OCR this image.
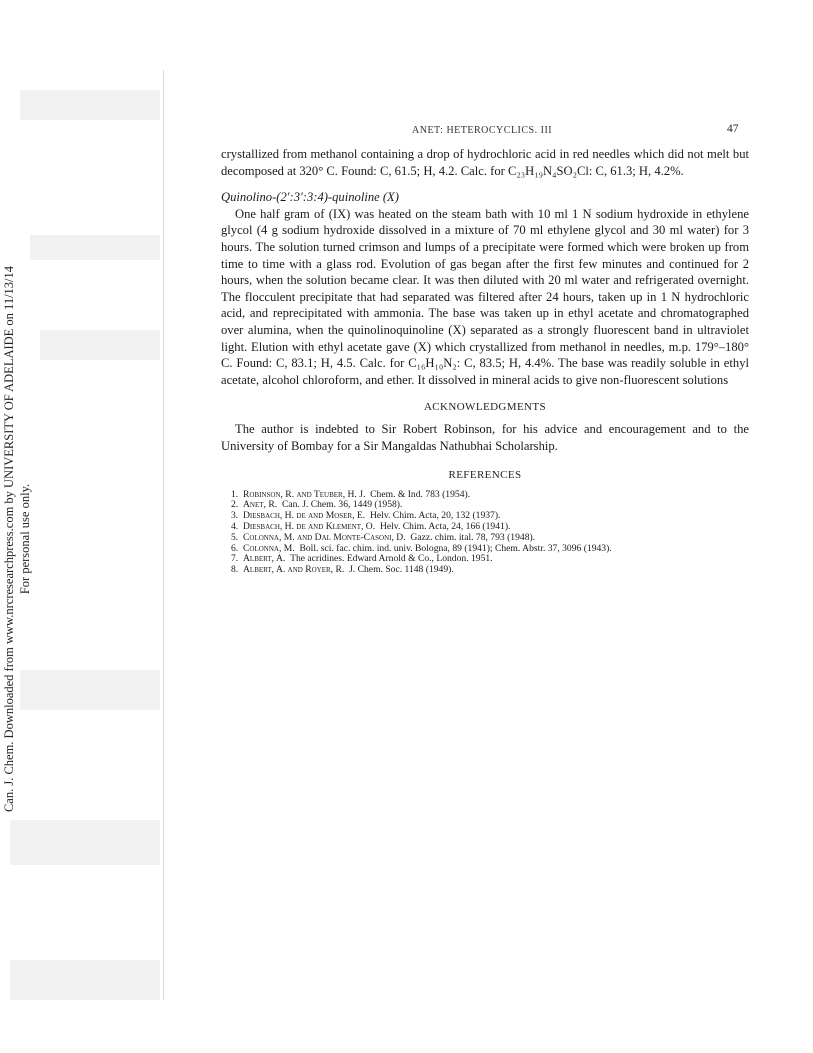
Can. J. Chem. Downloaded from www.nrcresearchpress.com by UNIVERSITY OF ADELAIDE on 11/13/14 For personal use only.
ANET: HETEROCYCLICS. III	47

crystallized from methanol containing a drop of hydrochloric acid in red needles which did not melt but decomposed at 320° C. Found: C, 61.5; H, 4.2. Calc. for C₂₃H₁₉N₄SO₂Cl: C, 61.3; H, 4.2%.

Quinolino-(2′:3′:3:4)-quinoline (X)

One half gram of (IX) was heated on the steam bath with 10 ml 1 N sodium hydroxide in ethylene glycol (4 g sodium hydroxide dissolved in a mixture of 70 ml ethylene glycol and 30 ml water) for 3 hours. The solution turned crimson and lumps of a precipitate were formed which were broken up from time to time with a glass rod. Evolution of gas began after the first few minutes and continued for 2 hours, when the solution became clear. It was then diluted with 20 ml water and refrigerated overnight. The flocculent precipitate that had separated was filtered after 24 hours, taken up in 1 N hydrochloric acid, and reprecipitated with ammonia. The base was taken up in ethyl acetate and chromatographed over alumina, when the quinolinoquinoline (X) separated as a strongly fluorescent band in ultraviolet light. Elution with ethyl acetate gave (X) which crystallized from methanol in needles, m.p. 179°–180° C. Found: C, 83.1; H, 4.5. Calc. for C₁₆H₁₀N₂: C, 83.5; H, 4.4%. The base was readily soluble in ethyl acetate, alcohol chloroform, and ether. It dissolved in mineral acids to give non-fluorescent solutions

ACKNOWLEDGMENTS

The author is indebted to Sir Robert Robinson, for his advice and encouragement and to the University of Bombay for a Sir Mangaldas Nathubhai Scholarship.

REFERENCES
1. Robinson, R. and Teuber, H. J. Chem. & Ind. 783 (1954).
2. Anet, R. Can. J. Chem. 36, 1449 (1958).
3. Diesbach, H. de and Moser, E. Helv. Chim. Acta, 20, 132 (1937).
4. Diesbach, H. de and Klement, O. Helv. Chim. Acta, 24, 166 (1941).
5. Colonna, M. and Dal Monte-Casoni, D. Gazz. chim. ital. 78, 793 (1948).
6. Colonna, M. Boll. sci. fac. chim. ind. univ. Bologna, 89 (1941); Chem. Abstr. 37, 3096 (1943).
7. Albert, A. The acridines. Edward Arnold & Co., London. 1951.
8. Albert, A. and Royer, R. J. Chem. Soc. 1148 (1949).
